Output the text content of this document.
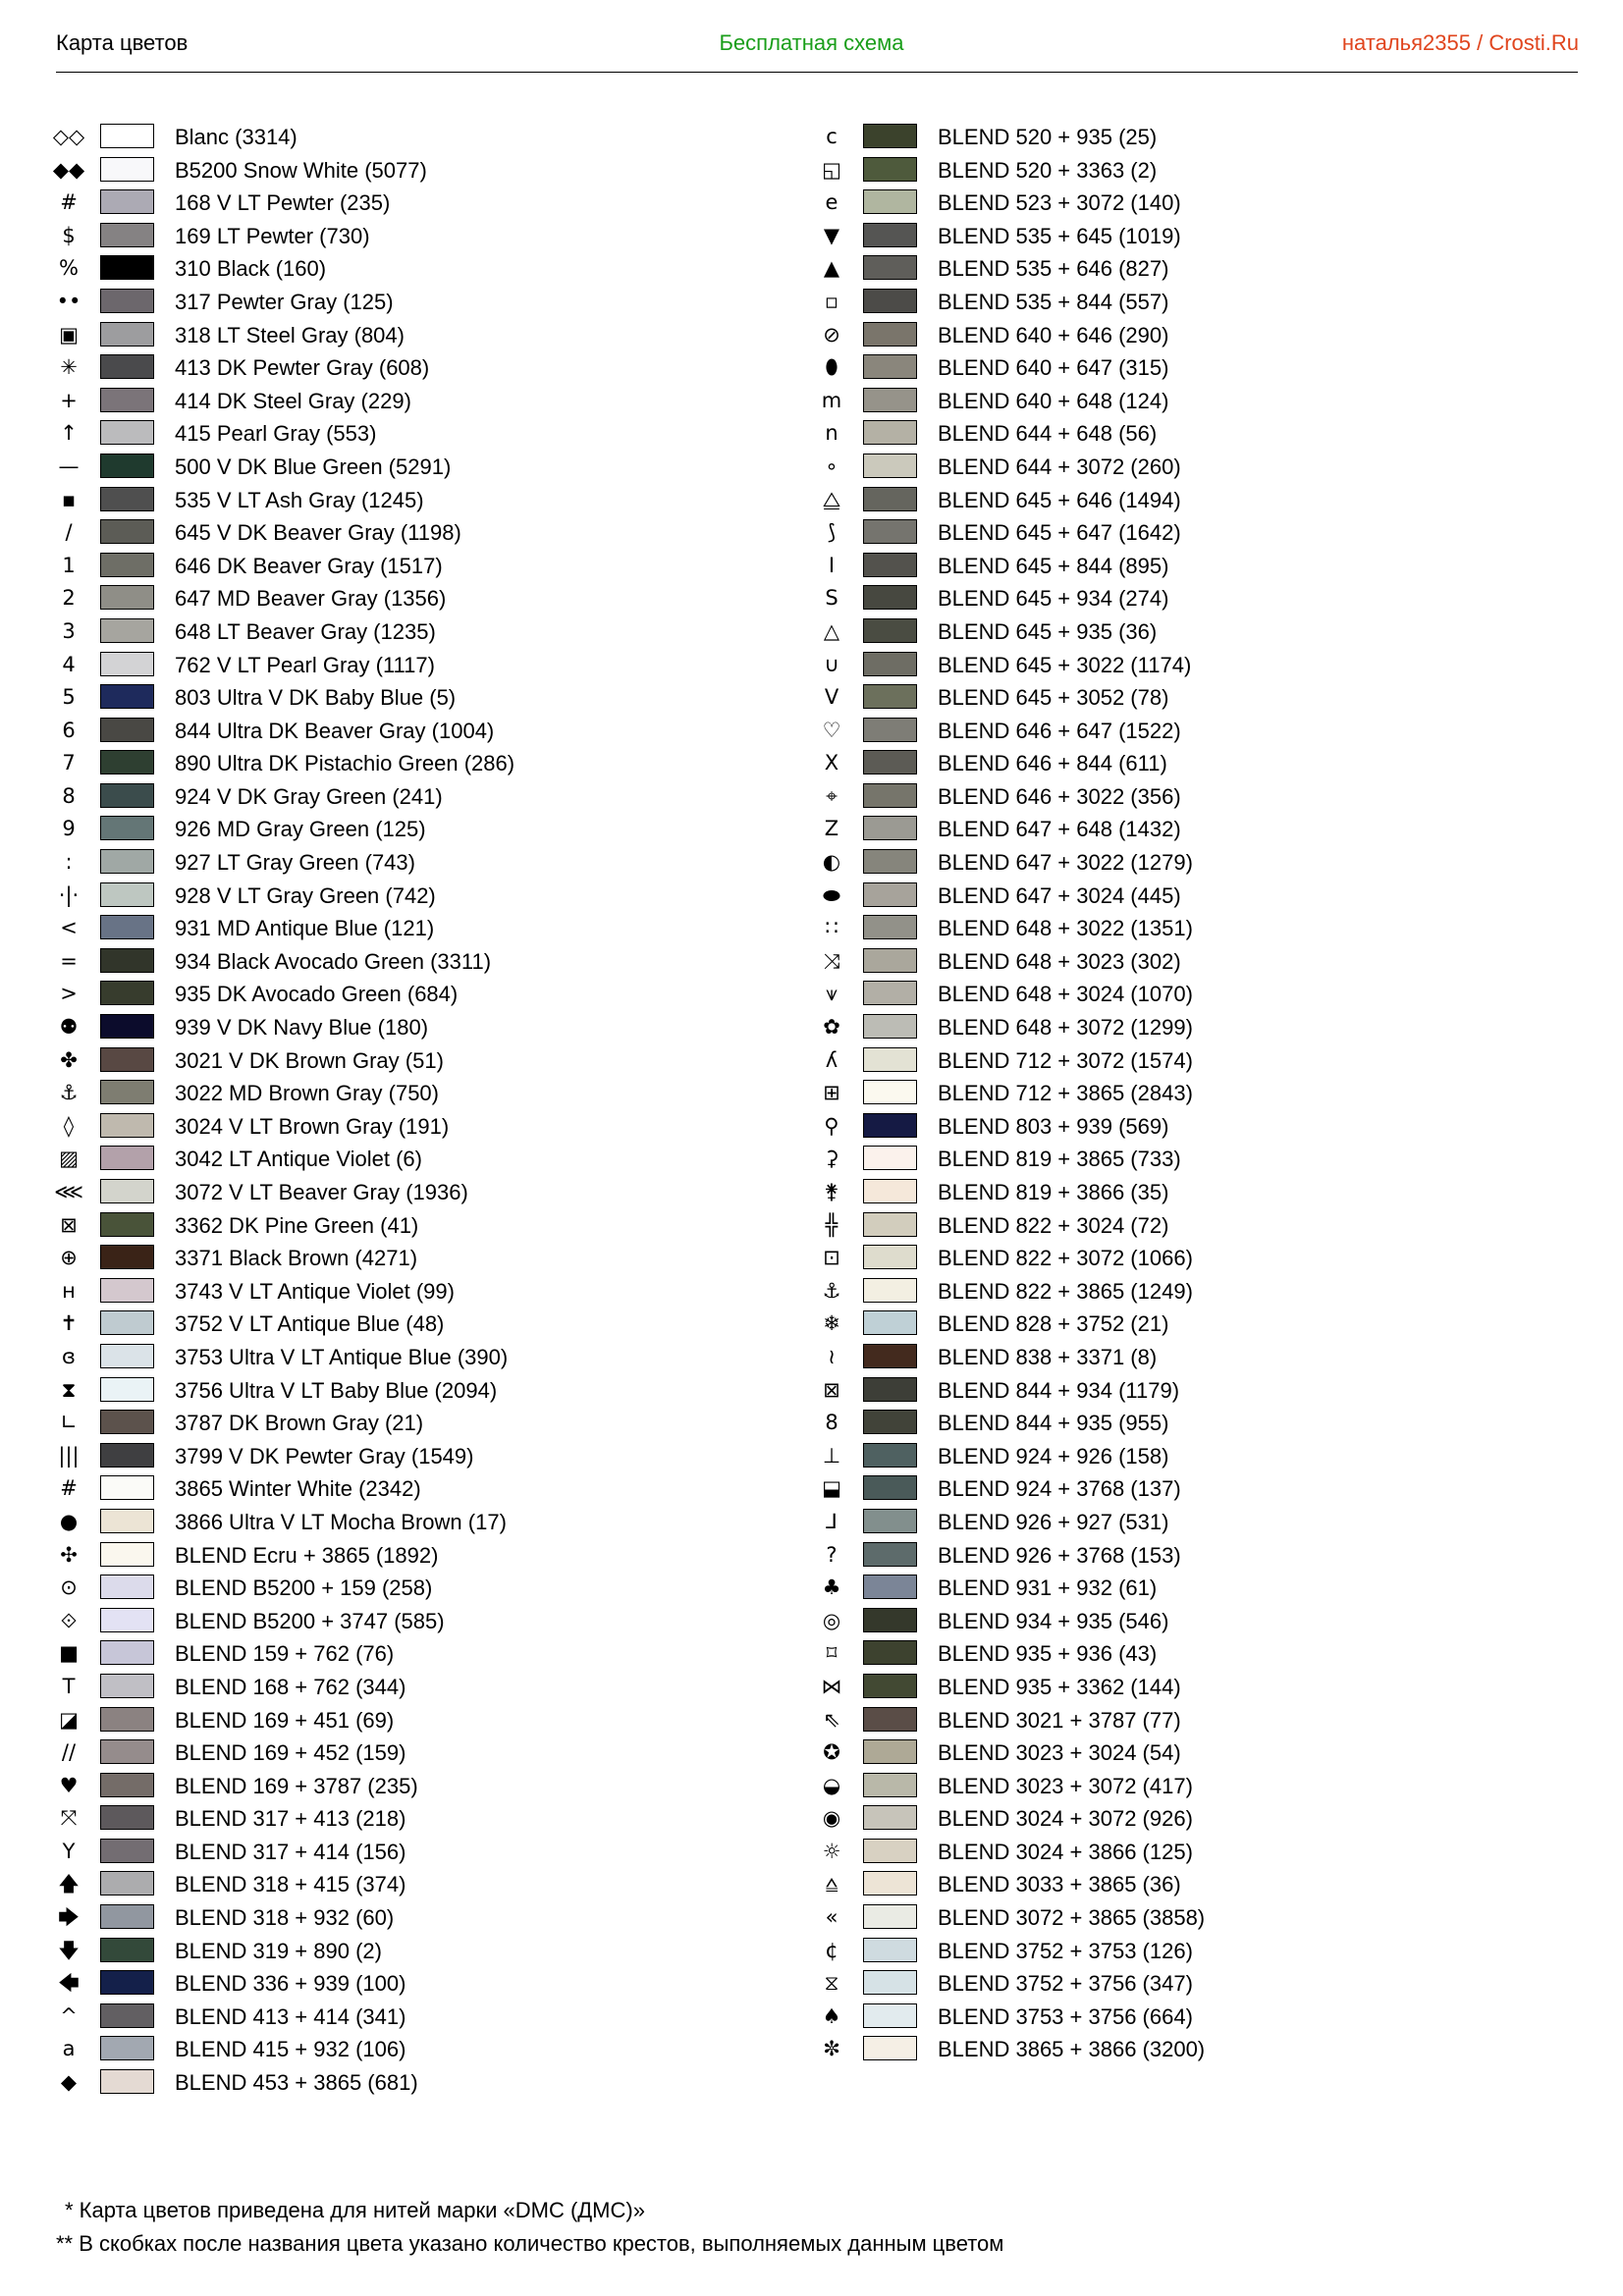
Карта цветов	Бесплатная схема	наталья2355 / Crosti.Ru
◇◇	Blanc (3314)
◆◆	B5200 Snow White (5077)
#	168 V LT Pewter (235)
$	169 LT Pewter (730)
%	310 Black (160)
••	317 Pewter Gray (125)
▣	318 LT Steel Gray (804)
✳	413 DK Pewter Gray (608)
+	414 DK Steel Gray (229)
↑	415 Pearl Gray (553)
—	500 V DK Blue Green (5291)
▪	535 V LT Ash Gray (1245)
/	645 V DK Beaver Gray (1198)
1	646 DK Beaver Gray (1517)
2	647 MD Beaver Gray (1356)
3	648 LT Beaver Gray (1235)
4	762 V LT Pearl Gray (1117)
5	803 Ultra V DK Baby Blue (5)
6	844 Ultra DK Beaver Gray (1004)
7	890 Ultra DK Pistachio Green (286)
8	924 V DK Gray Green (241)
9	926 MD Gray Green (125)
:	927 LT Gray Green (743)
·|·	928 V LT Gray Green (742)
<	931 MD Antique Blue (121)
=	934 Black Avocado Green (3311)
>	935 DK Avocado Green (684)
⚉	939 V DK Navy Blue (180)
✤	3021 V DK Brown Gray (51)
⚓	3022 MD Brown Gray (750)
◊	3024 V LT Brown Gray (191)
▨	3042 LT Antique Violet (6)
⋘	3072 V LT Beaver Gray (1936)
⊠	3362 DK Pine Green (41)
⊕	3371 Black Brown (4271)
н	3743 V LT Antique Violet (99)
✝	3752 V LT Antique Blue (48)
ɞ	3753 Ultra V LT Antique Blue (390)
⧗	3756 Ultra V LT Baby Blue (2094)
∟	3787 DK Brown Gray (21)
|||	3799 V DK Pewter Gray (1549)
#	3865 Winter White (2342)
●	3866 Ultra V LT Mocha Brown (17)
✣	BLEND Ecru + 3865 (1892)
⊙	BLEND B5200 + 159 (258)
⟐	BLEND B5200 + 3747 (585)
■	BLEND 159 + 762 (76)
T	BLEND 168 + 762 (344)
◪	BLEND 169 + 451 (69)
//	BLEND 169 + 452 (159)
♥	BLEND 169 + 3787 (235)
⤧	BLEND 317 + 413 (218)
Y	BLEND 317 + 414 (156)
🡅	BLEND 318 + 415 (374)
🡆	BLEND 318 + 932 (60)
🡇	BLEND 319 + 890 (2)
🡄	BLEND 336 + 939 (100)
^	BLEND 413 + 414 (341)
a	BLEND 415 + 932 (106)
◆	BLEND 453 + 3865 (681)
c	BLEND 520 + 935 (25)
◱	BLEND 520 + 3363 (2)
e	BLEND 523 + 3072 (140)
▼	BLEND 535 + 645 (1019)
▲	BLEND 535 + 646 (827)
▫	BLEND 535 + 844 (557)
⊘	BLEND 640 + 646 (290)
⬮	BLEND 640 + 647 (315)
m	BLEND 640 + 648 (124)
n	BLEND 644 + 648 (56)
∘	BLEND 644 + 3072 (260)
⧋	BLEND 645 + 646 (1494)
⟆	BLEND 645 + 647 (1642)
I	BLEND 645 + 844 (895)
S	BLEND 645 + 934 (274)
△	BLEND 645 + 935 (36)
∪	BLEND 645 + 3022 (1174)
V	BLEND 645 + 3052 (78)
♡	BLEND 646 + 647 (1522)
X	BLEND 646 + 844 (611)
⌖	BLEND 646 + 3022 (356)
Z	BLEND 647 + 648 (1432)
◐	BLEND 647 + 3022 (1279)
⬬	BLEND 647 + 3024 (445)
∷	BLEND 648 + 3022 (1351)
⤨	BLEND 648 + 3023 (302)
⩛	BLEND 648 + 3024 (1070)
✿	BLEND 648 + 3072 (1299)
ʎ	BLEND 712 + 3072 (1574)
⊞	BLEND 712 + 3865 (2843)
⚲	BLEND 803 + 939 (569)
⚳	BLEND 819 + 3865 (733)
⚵	BLEND 819 + 3866 (35)
╬	BLEND 822 + 3024 (72)
⊡	BLEND 822 + 3072 (1066)
⚓	BLEND 822 + 3865 (1249)
❄	BLEND 828 + 3752 (21)
≀	BLEND 838 + 3371 (8)
⊠	BLEND 844 + 934 (1179)
8	BLEND 844 + 935 (955)
⊥	BLEND 924 + 926 (158)
⬓	BLEND 924 + 3768 (137)
⅃	BLEND 926 + 927 (531)
?	BLEND 926 + 3768 (153)
♣	BLEND 931 + 932 (61)
◎	BLEND 934 + 935 (546)
⌑	BLEND 935 + 936 (43)
⋈	BLEND 935 + 3362 (144)
⇖	BLEND 3021 + 3787 (77)
✪	BLEND 3023 + 3024 (54)
◒	BLEND 3023 + 3072 (417)
◉	BLEND 3024 + 3072 (926)
☼	BLEND 3024 + 3866 (125)
⩠	BLEND 3033 + 3865 (36)
«	BLEND 3072 + 3865 (3858)
¢	BLEND 3752 + 3753 (126)
⧖	BLEND 3752 + 3756 (347)
♠	BLEND 3753 + 3756 (664)
✼	BLEND 3865 + 3866 (3200)
* Карта цветов приведена для нитей марки «DMC (ДМС)»
** В скобках после названия цвета указано количество крестов, выполняемых данным цветом
